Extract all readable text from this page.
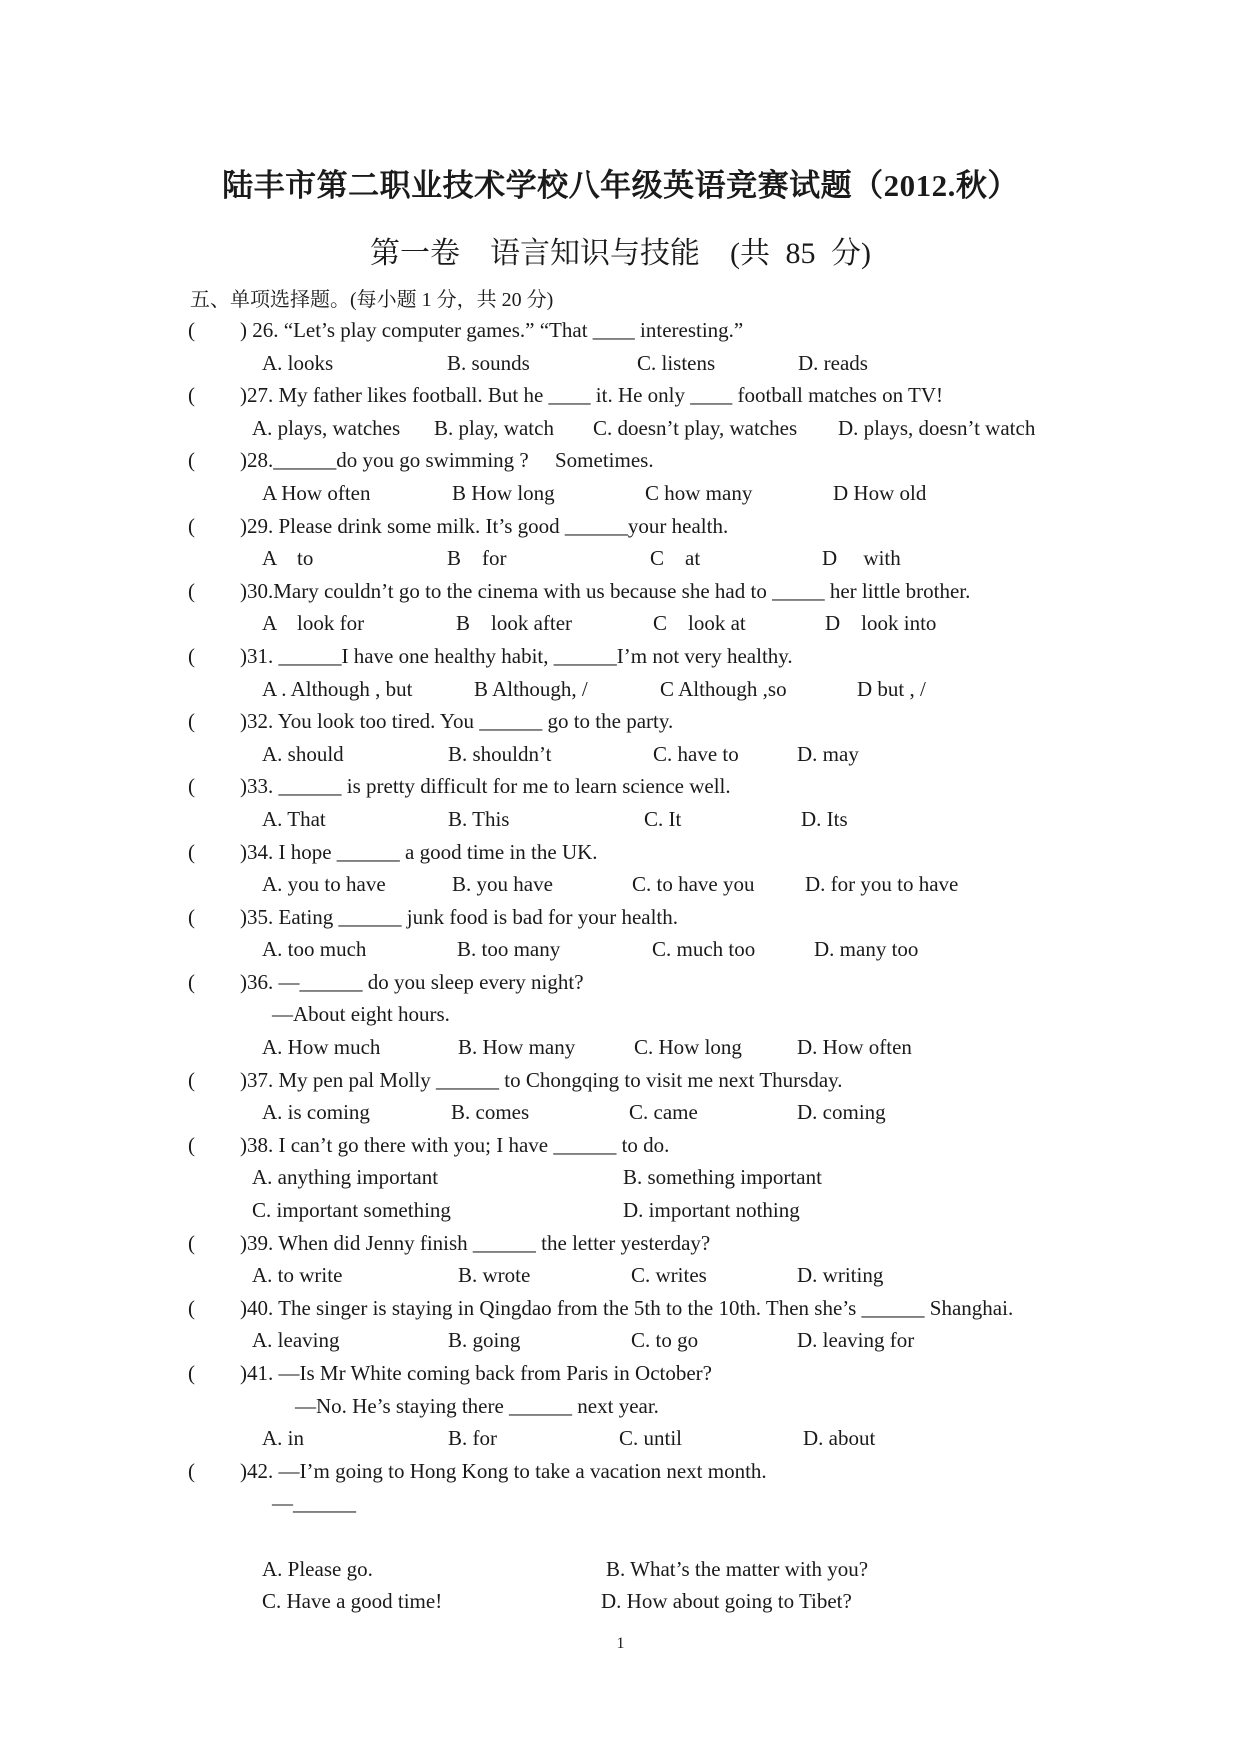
陆丰市第二职业技术学校八年级英语竞赛试题（2012.秋）
第一卷　语言知识与技能　(共 85 分)
五、单项选择题。(每小题 1 分，共 20 分)
( ) 26. “Let’s play computer games.” “That ____ interesting.”
A. looks	B. sounds	C. listens	D. reads
( )27. My father likes football. But he ____ it. He only ____ football matches on TV!
A. plays, watches B. play, watch C. doesn’t play, watches D. plays, doesn’t watch
( )28.______do you go swimming ?　 Sometimes.
A How often	B How long	C how many	D How old
( )29. Please drink some milk. It’s good ______your health.
A　to	B　for	C　at	D　 with
( )30.Mary couldn’t go to the cinema with us because she had to _____ her little brother.
A　look for	B　look after	C　look at	D　look into
( )31. ______I have one healthy habit, ______I’m not very healthy.
A . Although , but	B Although, /	C Although ,so	D but , /
( )32. You look too tired. You ______ go to the party.
A. should	B. shouldn’t	C. have to	D. may
( )33. ______ is pretty difficult for me to learn science well.
A. That	B. This	C. It	D. Its
( )34. I hope ______ a good time in the UK.
A. you to have	B. you have	C. to have you D. for you to have
( )35. Eating ______ junk food is bad for your health.
A. too much	B. too many	C. much too	D. many too
( )36. —______ do you sleep every night?
—About eight hours.
A. How much	B. How many	C. How long	D. How often
( )37. My pen pal Molly ______ to Chongqing to visit me next Thursday.
A. is coming	B. comes	C. came	D. coming
( )38. I can’t go there with you; I have ______ to do.
A. anything important	B. something important
C. important something	D. important nothing
( )39. When did Jenny finish ______ the letter yesterday?
A. to write	B. wrote	C. writes	D. writing
( )40. The singer is staying in Qingdao from the 5th to the 10th. Then she’s ______ Shanghai.
A. leaving	B. going	C. to go	D. leaving for
( )41. —Is Mr White coming back from Paris in October?
—No. He’s staying there ______ next year.
A. in	B. for	C. until	D. about
( )42. —I’m going to Hong Kong to take a vacation next month.
—______
A. Please go.	B. What’s the matter with you?
C. Have a good time!	D. How about going to Tibet?
1
